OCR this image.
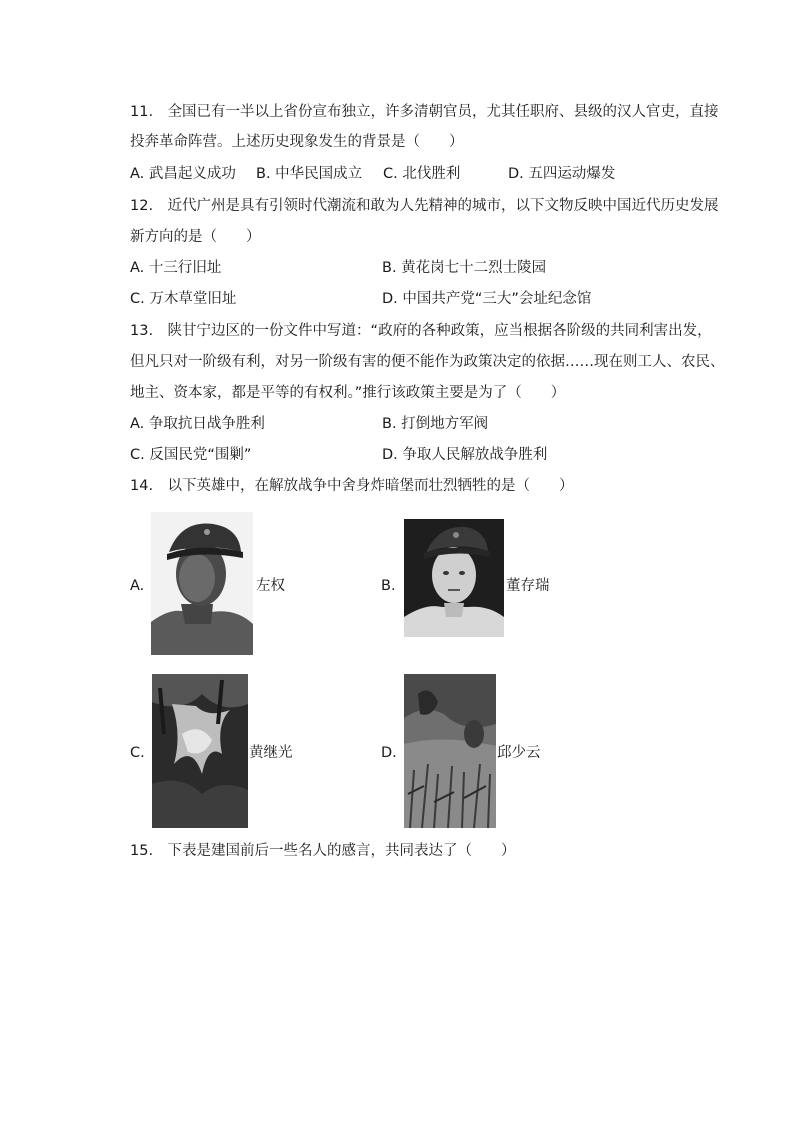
11.　全国已有一半以上省份宣布独立，许多清朝官员，尤其任职府、县级的汉人官吏，直接
投奔革命阵营。上述历史现象发生的背景是（　　）
A. 武昌起义成功 B. 中华民国成立 C. 北伐胜利	D. 五四运动爆发
12.　近代广州是具有引领时代潮流和敢为人先精神的城市，以下文物反映中国近代历史发展
新方向的是（　　）
A. 十三行旧址	B. 黄花岗七十二烈士陵园
C. 万木草堂旧址	D. 中国共产党“三大”会址纪念馆
13.　陕甘宁边区的一份文件中写道：“政府的各种政策，应当根据各阶级的共同利害出发，
但凡只对一阶级有利，对另一阶级有害的便不能作为政策决定的依据……现在则工人、农民、
地主、资本家，都是平等的有权利。”推行该政策主要是为了（　　）
A. 争取抗日战争胜利	B. 打倒地方军阀
C. 反国民党“围剿”	D. 争取人民解放战争胜利
14.　以下英雄中，在解放战争中舍身炸暗堡而壮烈牺牲的是（　　）
A.	左权	B.	董存瑞
C.	黄继光	D.	邱少云
15.　下表是建国前后一些名人的感言，共同表达了（　　）
